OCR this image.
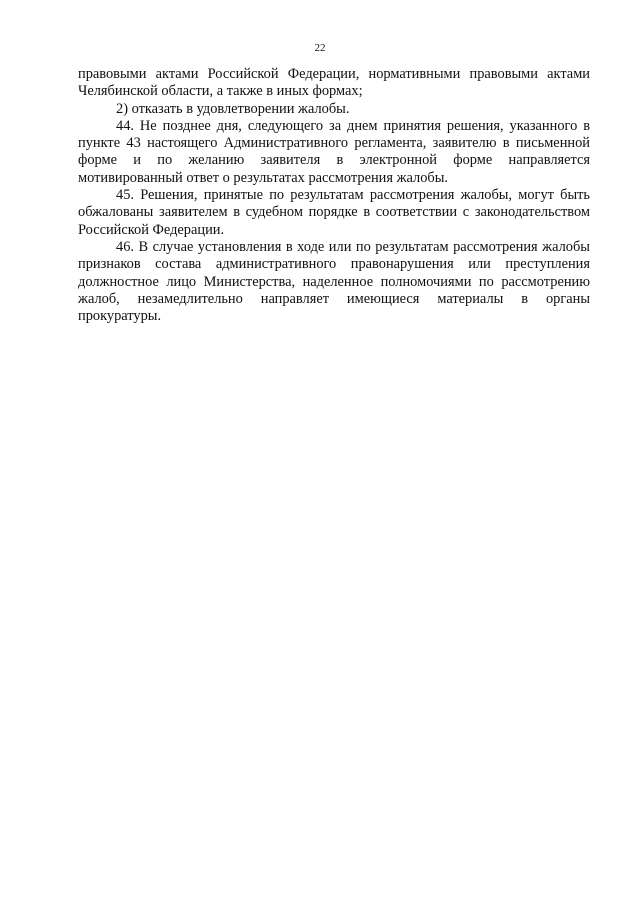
22

правовыми актами Российской Федерации, нормативными правовыми актами Челябинской области, а также в иных формах;

2) отказать в удовлетворении жалобы.

44. Не позднее дня, следующего за днем принятия решения, указанного в пункте 43 настоящего Административного регламента, заявителю в письменной форме и по желанию заявителя в электронной форме направляется мотивированный ответ о результатах рассмотрения жалобы.

45. Решения, принятые по результатам рассмотрения жалобы, могут быть обжалованы заявителем в судебном порядке в соответствии с законодательством Российской Федерации.

46. В случае установления в ходе или по результатам рассмотрения жалобы признаков состава административного правонарушения или преступления должностное лицо Министерства, наделенное полномочиями по рассмотрению жалоб, незамедлительно направляет имеющиеся материалы в органы прокуратуры.
